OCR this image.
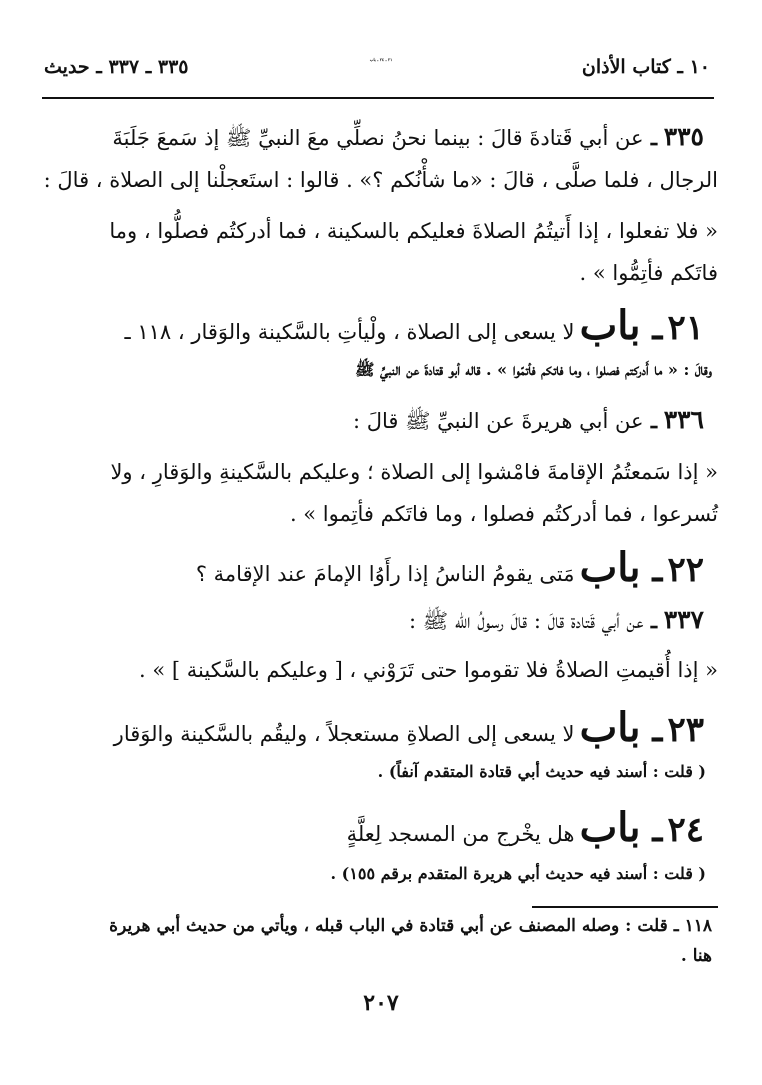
١٠ ـ كتاب الأذان
٢١ ـ ٢٤ ـ باب
٣٣٥ ـ ٣٣٧ ـ حديث
٣٣٥ ـ عن أبي قَتادةَ قالَ : بينما نحنُ نصلِّي معَ النبيِّ ﷺ إذ سَمعَ جَلَبَةَ
الرجال ، فلما صلَّى ، قالَ : «ما شأْنُكم ؟» . قالوا : استَعجلْنا إلى الصلاة ، قالَ :
« فلا تفعلوا ، إذا أَتيتُمُ الصلاةَ فعليكم بالسكينة ، فما أدركتُم فصلُّوا ، وما
فاتَكم فأتِمُّوا » .
٢١ ـ باب لا يسعى إلى الصلاة ، ولْيأتِ بالسَّكينة والوَقار ، ١١٨ ـ
وقالَ : « ما أَدركتم فصلوا ، وما فاتكم فأتمّوا » . قاله أبو قتادةَ عن النبيِّ ﷺ
٣٣٦ ـ عن أبي هريرةَ عن النبيِّ ﷺ قالَ :
« إذا سَمعتُمُ الإقامةَ فامْشوا إلى الصلاة ؛ وعليكم بالسَّكينةِ والوَقارِ ، ولا
تُسرعوا ، فما أدركتُم فصلوا ، وما فاتَكم فأتِموا » .
٢٢ ـ باب مَتى يقومُ الناسُ إذا رأَوُا الإمامَ عند الإقامة ؟
٣٣٧ ـ عن أبي قَتادة قالَ : قالَ رسولُ الله ﷺ :
« إذا أُقيمتِ الصلاةُ فلا تقوموا حتى تَرَوْني ، [ وعليكم بالسَّكينة ] » .
٢٣ ـ باب لا يسعى إلى الصلاةِ مستعجلاً ، وليقُم بالسَّكينة والوَقار
( قلت : أسند فيه حديث أبي قتادة المتقدم آنفاً) .
٢٤ ـ باب هل يخْرج من المسجد لِعلَّةٍ
( قلت : أسند فيه حديث أبي هريرة المتقدم برقم ١٥٥) .
١١٨ ـ قلت : وصله المصنف عن أبي قتادة في الباب قبله ، ويأتي من حديث أبي هريرة
هنا .
٢٠٧
